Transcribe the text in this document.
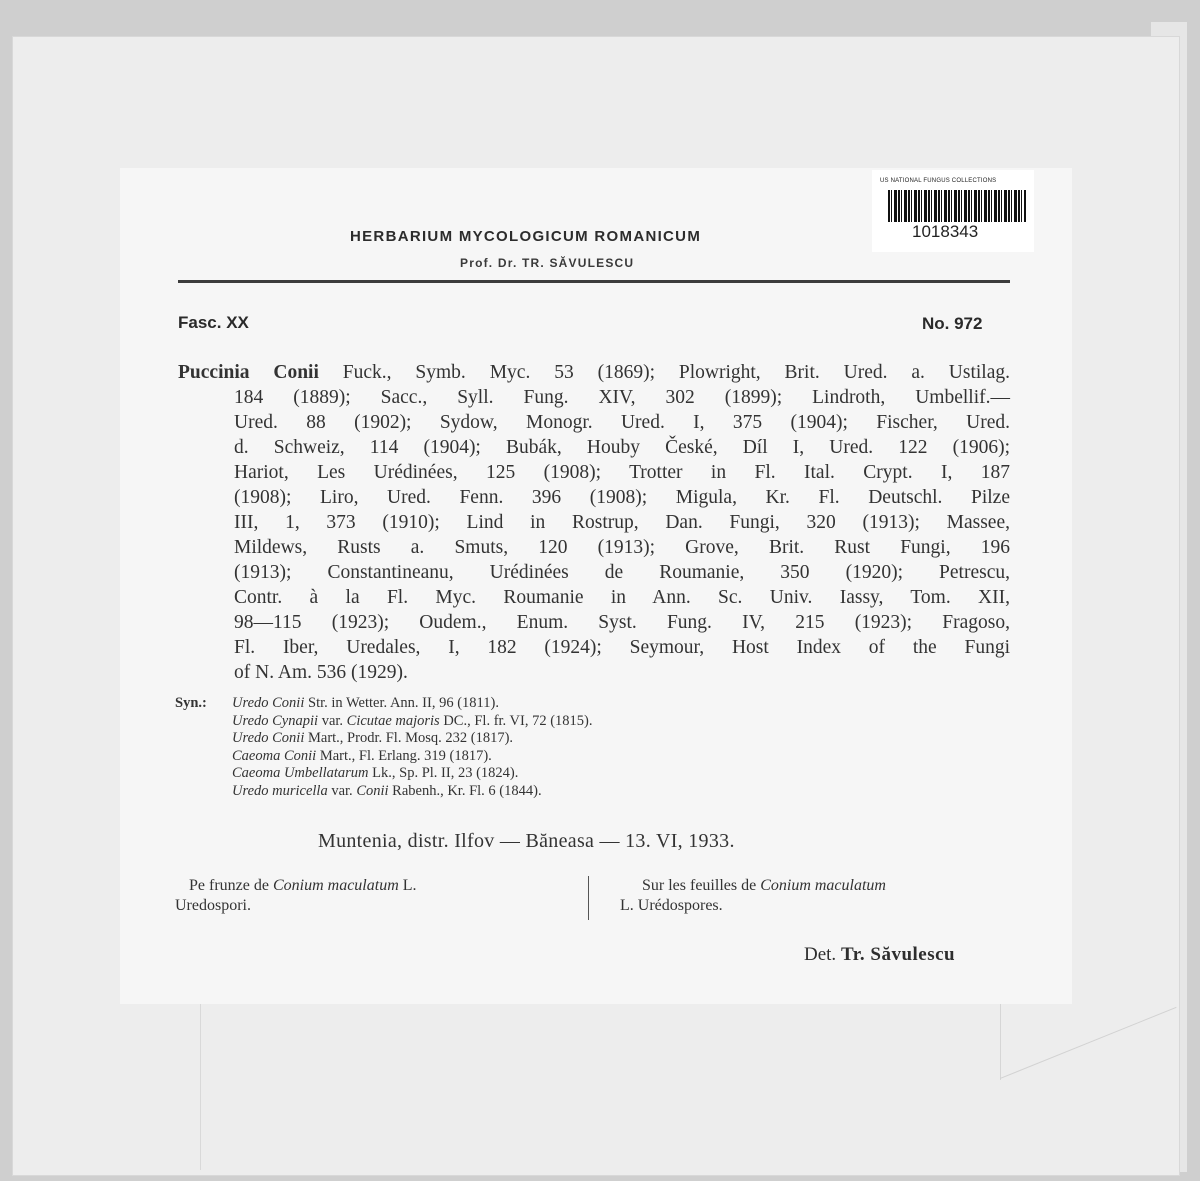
US NATIONAL FUNGUS COLLECTIONS
1018343
HERBARIUM MYCOLOGICUM ROMANICUM
Prof. Dr. TR. SĂVULESCU
Fasc. XX	No. 972
Puccinia Conii Fuck., Symb. Myc. 53 (1869); Plowright, Brit. Ured. a. Ustilag.
184 (1889); Sacc., Syll. Fung. XIV, 302 (1899); Lindroth, Umbellif.—
Ured. 88 (1902); Sydow, Monogr. Ured. I, 375 (1904); Fischer, Ured.
d. Schweiz, 114 (1904); Bubák, Houby České, Díl I, Ured. 122 (1906);
Hariot, Les Urédinées, 125 (1908); Trotter in Fl. Ital. Crypt. I, 187
(1908); Liro, Ured. Fenn. 396 (1908); Migula, Kr. Fl. Deutschl. Pilze
III, 1, 373 (1910); Lind in Rostrup, Dan. Fungi, 320 (1913); Massee,
Mildews, Rusts a. Smuts, 120 (1913); Grove, Brit. Rust Fungi, 196
(1913); Constantineanu, Urédinées de Roumanie, 350 (1920); Petrescu,
Contr. à la Fl. Myc. Roumanie in Ann. Sc. Univ. Iassy, Tom. XII,
98—115 (1923); Oudem., Enum. Syst. Fung. IV, 215 (1923); Fragoso,
Fl. Iber, Uredales, I, 182 (1924); Seymour, Host Index of the Fungi
of N. Am. 536 (1929).
Syn.: Uredo Conii Str. in Wetter. Ann. II, 96 (1811).
Uredo Cynapii var. Cicutae majoris DC., Fl. fr. VI, 72 (1815).
Uredo Conii Mart., Prodr. Fl. Mosq. 232 (1817).
Caeoma Conii Mart., Fl. Erlang. 319 (1817).
Caeoma Umbellatarum Lk., Sp. Pl. II, 23 (1824).
Uredo muricella var. Conii Rabenh., Kr. Fl. 6 (1844).
Muntenia, distr. Ilfov — Băneasa — 13. VI, 1933.
Pe frunze de Conium maculatum L.
Uredospori.
Sur les feuilles de Conium maculatum
L. Urédospores.
Det. Tr. Săvulescu
